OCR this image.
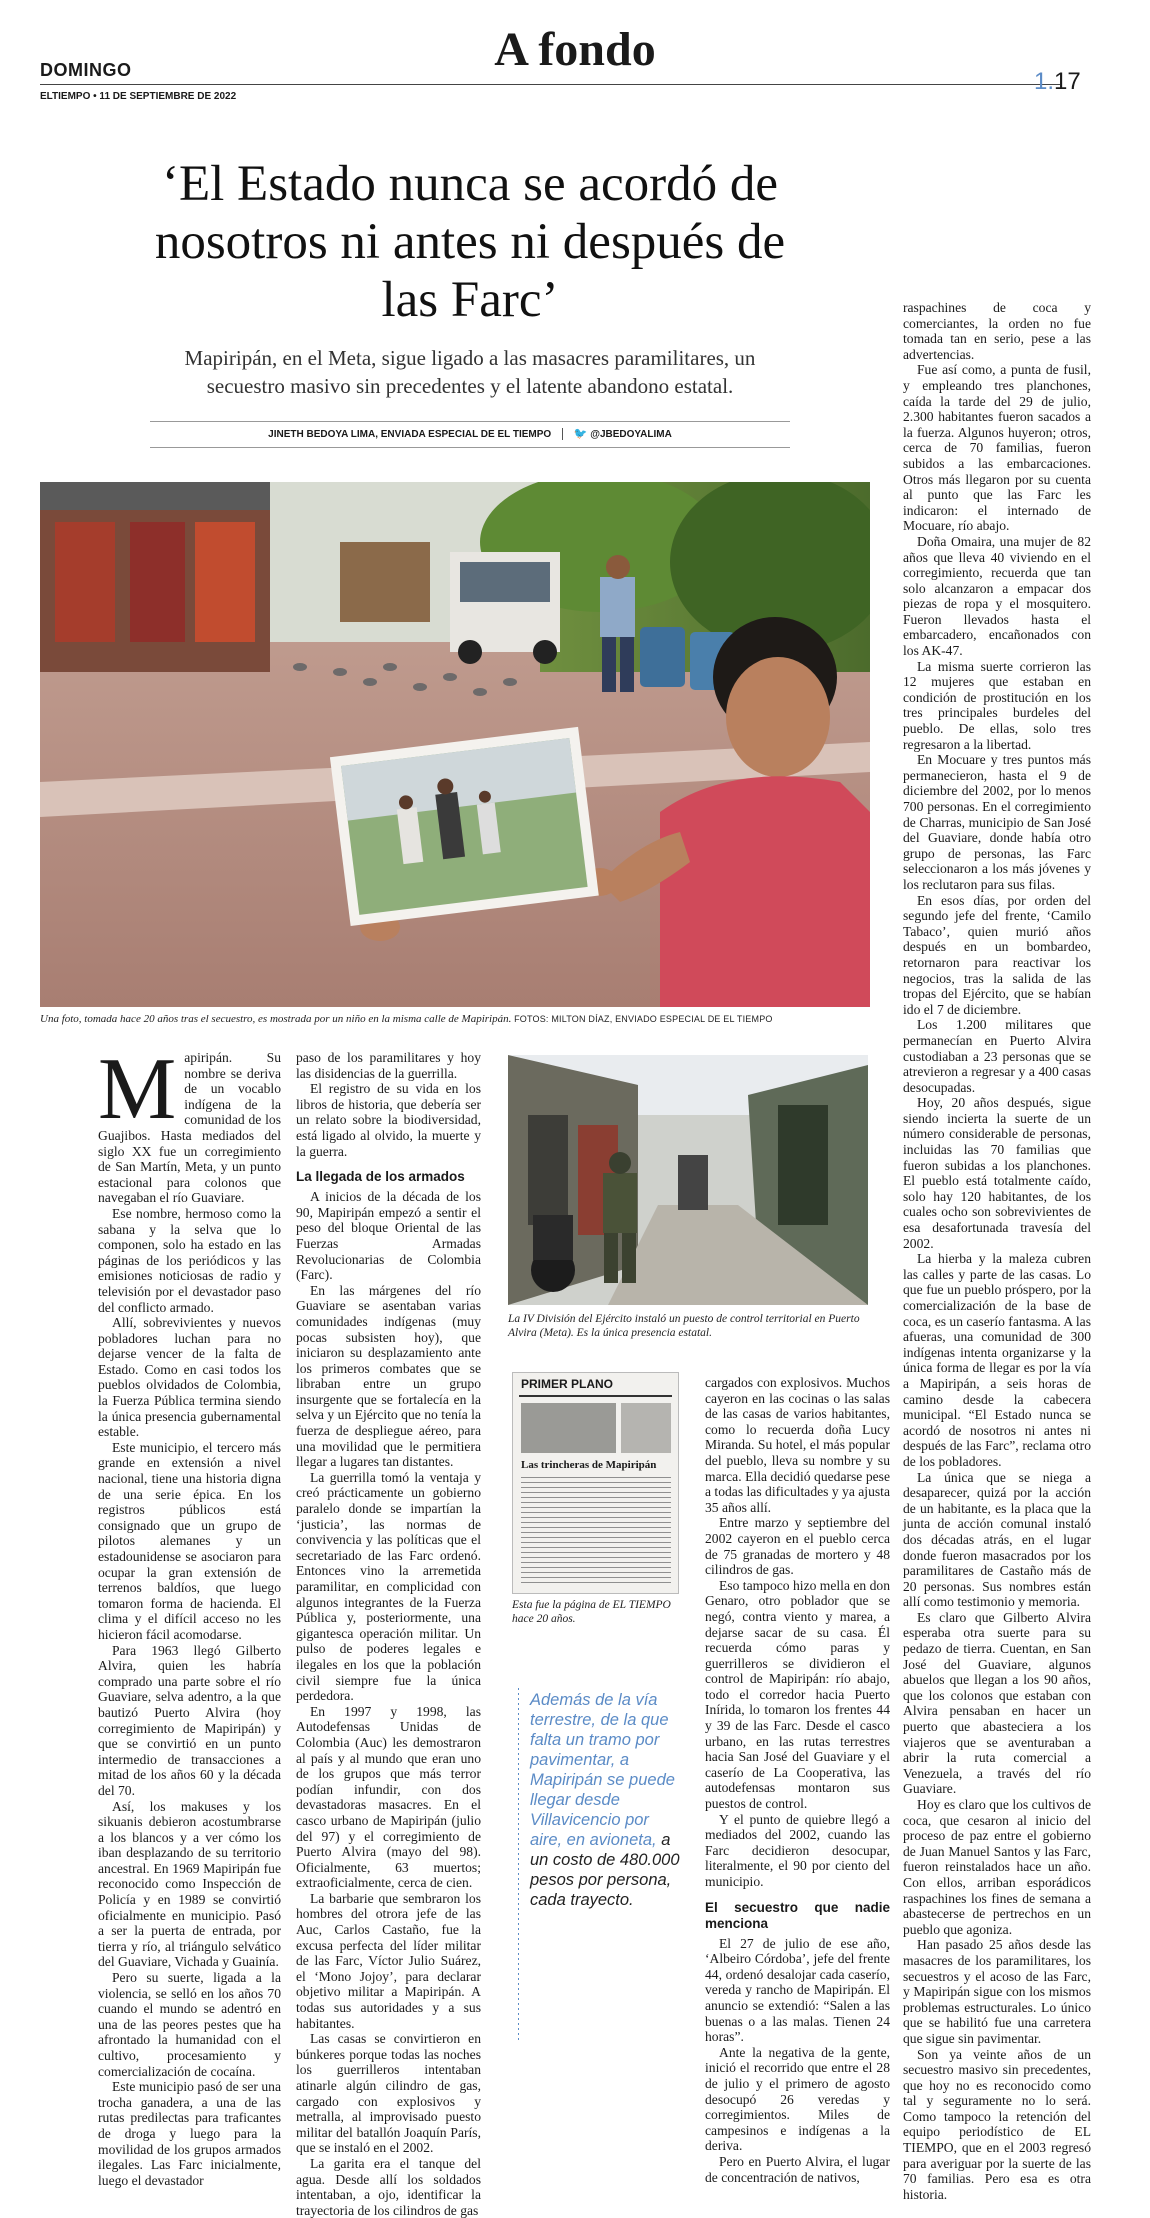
DOMINGO
ELTIEMPO • 11 DE SEPTIEMBRE DE 2022
A fondo
1.17
‘El Estado nunca se acordó de nosotros ni antes ni después de las Farc’
Mapiripán, en el Meta, sigue ligado a las masacres paramilitares, un secuestro masivo sin precedentes y el latente abandono estatal.
JINETH BEDOYA LIMA, ENVIADA ESPECIAL DE EL TIEMPO 🐦 @JBEDOYALIMA
Una foto, tomada hace 20 años tras el secuestro, es mostrada por un niño en la misma calle de Mapiripán. FOTOS: MILTON DÍAZ, ENVIADO ESPECIAL DE EL TIEMPO

Mapiripán. Su nombre se deriva de un vocablo indígena de la comunidad de los Guajibos. Hasta mediados del siglo XX fue un corregimiento de San Martín, Meta, y un punto estacional para colonos que navegaban el río Guaviare.

Ese nombre, hermoso como la sabana y la selva que lo componen, solo ha estado en las páginas de los periódicos y las emisiones noticiosas de radio y televisión por el devastador paso del conflicto armado.

Allí, sobrevivientes y nuevos pobladores luchan para no dejarse vencer de la falta de Estado. Como en casi todos los pueblos olvidados de Colombia, la Fuerza Pública termina siendo la única presencia gubernamental estable.

Este municipio, el tercero más grande en extensión a nivel nacional, tiene una historia digna de una serie épica. En los registros públicos está consignado que un grupo de pilotos alemanes y un estadounidense se asociaron para ocupar la gran extensión de terrenos baldíos, que luego tomaron forma de hacienda. El clima y el difícil acceso no les hicieron fácil acomodarse.

Para 1963 llegó Gilberto Alvira, quien les habría comprado una parte sobre el río Guaviare, selva adentro, a la que bautizó Puerto Alvira (hoy corregimiento de Mapiripán) y que se convirtió en un punto intermedio de transacciones a mitad de los años 60 y la década del 70.

Así, los makuses y los sikuanis debieron acostumbrarse a los blancos y a ver cómo los iban desplazando de su territorio ancestral. En 1969 Mapiripán fue reconocido como Inspección de Policía y en 1989 se convirtió oficialmente en municipio. Pasó a ser la puerta de entrada, por tierra y río, al triángulo selvático del Guaviare, Vichada y Guainía.

Pero su suerte, ligada a la violencia, se selló en los años 70 cuando el mundo se adentró en una de las peores pestes que ha afrontado la humanidad con el cultivo, procesamiento y comercialización de cocaína.

Este municipio pasó de ser una trocha ganadera, a una de las rutas predilectas para traficantes de droga y luego para la movilidad de los grupos armados ilegales. Las Farc inicialmente, luego el devastador

paso de los paramilitares y hoy las disidencias de la guerrilla.

El registro de su vida en los libros de historia, que debería ser un relato sobre la biodiversidad, está ligado al olvido, la muerte y la guerra.

La llegada de los armados

A inicios de la década de los 90, Mapiripán empezó a sentir el peso del bloque Oriental de las Fuerzas Armadas Revolucionarias de Colombia (Farc).

En las márgenes del río Guaviare se asentaban varias comunidades indígenas (muy pocas subsisten hoy), que iniciaron su desplazamiento ante los primeros combates que se libraban entre un grupo insurgente que se fortalecía en la selva y un Ejército que no tenía la fuerza de despliegue aéreo, para una movilidad que le permitiera llegar a lugares tan distantes.

La guerrilla tomó la ventaja y creó prácticamente un gobierno paralelo donde se impartían la ‘justicia’, las normas de convivencia y las políticas que el secretariado de las Farc ordenó. Entonces vino la arremetida paramilitar, en complicidad con algunos integrantes de la Fuerza Pública y, posteriormente, una gigantesca operación militar. Un pulso de poderes legales e ilegales en los que la población civil siempre fue la única perdedora.

En 1997 y 1998, las Autodefensas Unidas de Colombia (Auc) les demostraron al país y al mundo que eran uno de los grupos que más terror podían infundir, con dos devastadoras masacres. En el casco urbano de Mapiripán (julio del 97) y el corregimiento de Puerto Alvira (mayo del 98). Oficialmente, 63 muertos; extraoficialmente, cerca de cien.

La barbarie que sembraron los hombres del otrora jefe de las Auc, Carlos Castaño, fue la excusa perfecta del líder militar de las Farc, Víctor Julio Suárez, el ‘Mono Jojoy’, para declarar objetivo militar a Mapiripán. A todas sus autoridades y a sus habitantes.

Las casas se convirtieron en búnkeres porque todas las noches los guerrilleros intentaban atinarle algún cilindro de gas, cargado con explosivos y metralla, al improvisado puesto militar del batallón Joaquín París, que se instaló en el 2002.

La garita era el tanque del agua. Desde allí los soldados intentaban, a ojo, identificar la trayectoria de los cilindros de gas

La IV División del Ejército instaló un puesto de control territorial en Puerto Alvira (Meta). Es la única presencia estatal.
PRIMER PLANO
Las trincheras de Mapiripán
Esta fue la página de EL TIEMPO hace 20 años.
Además de la vía terrestre, de la que falta un tramo por pavimentar, a Mapiripán se puede llegar desde Villavicencio por aire, en avioneta, a un costo de 480.000 pesos por persona, cada trayecto.

cargados con explosivos. Muchos cayeron en las cocinas o las salas de las casas de varios habitantes, como lo recuerda doña Lucy Miranda. Su hotel, el más popular del pueblo, lleva su nombre y su marca. Ella decidió quedarse pese a todas las dificultades y ya ajusta 35 años allí.

Entre marzo y septiembre del 2002 cayeron en el pueblo cerca de 75 granadas de mortero y 48 cilindros de gas.

Eso tampoco hizo mella en don Genaro, otro poblador que se negó, contra viento y marea, a dejarse sacar de su casa. Él recuerda cómo paras y guerrilleros se dividieron el control de Mapiripán: río abajo, todo el corredor hacia Puerto Inírida, lo tomaron los frentes 44 y 39 de las Farc. Desde el casco urbano, en las rutas terrestres hacia San José del Guaviare y el caserío de La Cooperativa, las autodefensas montaron sus puestos de control.

Y el punto de quiebre llegó a mediados del 2002, cuando las Farc decidieron desocupar, literalmente, el 90 por ciento del municipio.

El secuestro que nadie menciona

El 27 de julio de ese año, ‘Albeiro Córdoba’, jefe del frente 44, ordenó desalojar cada caserío, vereda y rancho de Mapiripán. El anuncio se extendió: “Salen a las buenas o a las malas. Tienen 24 horas”.

Ante la negativa de la gente, inició el recorrido que entre el 28 de julio y el primero de agosto desocupó 26 veredas y corregimientos. Miles de campesinos e indígenas a la deriva.

Pero en Puerto Alvira, el lugar de concentración de nativos,

raspachines de coca y comerciantes, la orden no fue tomada tan en serio, pese a las advertencias.

Fue así como, a punta de fusil, y empleando tres planchones, caída la tarde del 29 de julio, 2.300 habitantes fueron sacados a la fuerza. Algunos huyeron; otros, cerca de 70 familias, fueron subidos a las embarcaciones. Otros más llegaron por su cuenta al punto que las Farc les indicaron: el internado de Mocuare, río abajo.

Doña Omaira, una mujer de 82 años que lleva 40 viviendo en el corregimiento, recuerda que tan solo alcanzaron a empacar dos piezas de ropa y el mosquitero. Fueron llevados hasta el embarcadero, encañonados con los AK-47.

La misma suerte corrieron las 12 mujeres que estaban en condición de prostitución en los tres principales burdeles del pueblo. De ellas, solo tres regresaron a la libertad.

En Mocuare y tres puntos más permanecieron, hasta el 9 de diciembre del 2002, por lo menos 700 personas. En el corregimiento de Charras, municipio de San José del Guaviare, donde había otro grupo de personas, las Farc seleccionaron a los más jóvenes y los reclutaron para sus filas.

En esos días, por orden del segundo jefe del frente, ‘Camilo Tabaco’, quien murió años después en un bombardeo, retornaron para reactivar los negocios, tras la salida de las tropas del Ejército, que se habían ido el 7 de diciembre.

Los 1.200 militares que permanecían en Puerto Alvira custodiaban a 23 personas que se atrevieron a regresar y a 400 casas desocupadas.

Hoy, 20 años después, sigue siendo incierta la suerte de un número considerable de personas, incluidas las 70 familias que fueron subidas a los planchones. El pueblo está totalmente caído, solo hay 120 habitantes, de los cuales ocho son sobrevivientes de esa desafortunada travesía del 2002.

La hierba y la maleza cubren las calles y parte de las casas. Lo que fue un pueblo próspero, por la comercialización de la base de coca, es un caserío fantasma. A las afueras, una comunidad de 300 indígenas intenta organizarse y la única forma de llegar es por la vía a Mapiripán, a seis horas de camino desde la cabecera municipal. “El Estado nunca se acordó de nosotros ni antes ni después de las Farc”, reclama otro de los pobladores.

La única que se niega a desaparecer, quizá por la acción de un habitante, es la placa que la junta de acción comunal instaló dos décadas atrás, en el lugar donde fueron masacrados por los paramilitares de Castaño más de 20 personas. Sus nombres están allí como testimonio y memoria.

Es claro que Gilberto Alvira esperaba otra suerte para su pedazo de tierra. Cuentan, en San José del Guaviare, algunos abuelos que llegan a los 90 años, que los colonos que estaban con Alvira pensaban en hacer un puerto que abasteciera a los viajeros que se aventuraban a abrir la ruta comercial a Venezuela, a través del río Guaviare.

Hoy es claro que los cultivos de coca, que cesaron al inicio del proceso de paz entre el gobierno de Juan Manuel Santos y las Farc, fueron reinstalados hace un año. Con ellos, arriban esporádicos raspachines los fines de semana a abastecerse de pertrechos en un pueblo que agoniza.

Han pasado 25 años desde las masacres de los paramilitares, los secuestros y el acoso de las Farc, y Mapiripán sigue con los mismos problemas estructurales. Lo único que se habilitó fue una carretera que sigue sin pavimentar.

Son ya veinte años de un secuestro masivo sin precedentes, que hoy no es reconocido como tal y seguramente no lo será. Como tampoco la retención del equipo periodístico de EL TIEMPO, que en el 2003 regresó para averiguar por la suerte de las 70 familias. Pero esa es otra historia.
